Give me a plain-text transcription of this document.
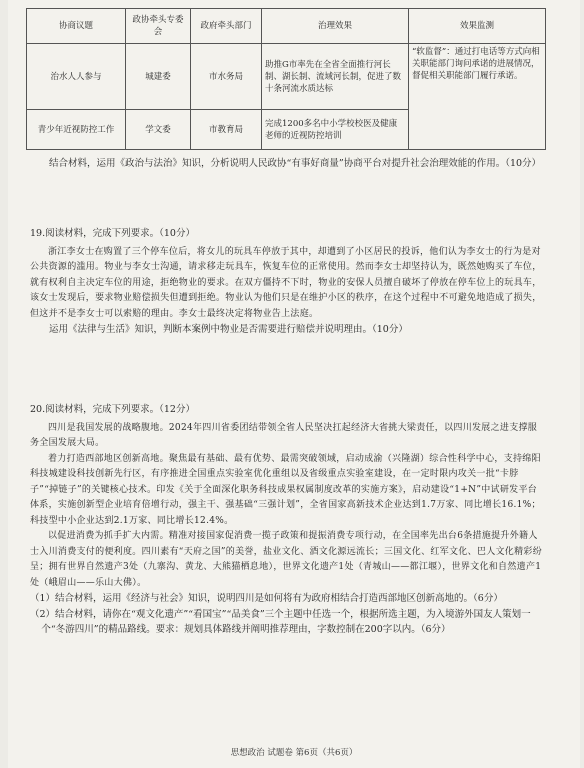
协商议题	政协牵头专委会	政府牵头部门	治理效果	效果监测
治水人人参与	城建委	市水务局	助推G市率先在全省全面推行河长制、湖长制、流域河长制，促进了数十条河流水质达标	“软监督”：通过打电话等方式向相关职能部门询问承诺的进展情况，督促相关职能部门履行承诺。
青少年近视防控工作	学文委	市教育局	完成1200多名中小学校校医及健康老师的近视防控培训	

结合材料，运用《政治与法治》知识，分析说明人民政协“有事好商量”协商平台对提升社会治理效能的作用。（10分）

19.阅读材料，完成下列要求。（10分）

浙江李女士在购置了三个停车位后，将女儿的玩具车停放于其中，却遭到了小区居民的投诉，他们认为李女士的行为是对公共资源的滥用。物业与李女士沟通，请求移走玩具车，恢复车位的正常使用。然而李女士却坚持认为，既然她购买了车位，就有权利自主决定车位的用途，拒绝物业的要求。在双方僵持不下时，物业的安保人员擅自破坏了停放在停车位上的玩具车，该女士发现后，要求物业赔偿损失但遭到拒绝。物业认为他们只是在维护小区的秩序，在这个过程中不可避免地造成了损失，但这并不是李女士可以索赔的理由。李女士最终决定将物业告上法庭。

运用《法律与生活》知识，判断本案例中物业是否需要进行赔偿并说明理由。（10分）

20.阅读材料，完成下列要求。（12分）

四川是我国发展的战略腹地。2024年四川省委团结带领全省人民坚决扛起经济大省挑大梁责任，以四川发展之进支撑服务全国发展大局。

着力打造西部地区创新高地。聚焦最有基础、最有优势、最需突破领域，启动成渝（兴隆湖）综合性科学中心，支持绵阳科技城建设科技创新先行区，有序推进全国重点实验室优化重组以及省级重点实验室建设，在一定时限内攻关一批“卡脖子”“掉链子”的关键核心技术。印发《关于全面深化职务科技成果权属制度改革的实施方案》，启动建设“1+N”中试研发平台体系，实施创新型企业培育倍增行动，强主干、强基础“三强计划”，全省国家高新技术企业达到1.7万家、同比增长16.1%；科技型中小企业达到2.1万家、同比增长12.4%。

以促进消费为抓手扩大内需。精准对接国家促消费一揽子政策和提振消费专项行动，在全国率先出台6条措施提升外籍人士入川消费支付的便利度。四川素有“天府之国”的美誉，盐业文化、酒文化源远流长；三国文化、红军文化、巴人文化精彩纷呈；拥有世界自然遗产3处（九寨沟、黄龙、大熊猫栖息地），世界文化遗产1处（青城山——都江堰），世界文化和自然遗产1处（峨眉山——乐山大佛）。

（1）结合材料，运用《经济与社会》知识，说明四川是如何将有为政府相结合打造西部地区创新高地的。（6分）

（2）结合材料，请你在“观文化遗产”“看国宝”“品美食”三个主题中任选一个，根据所选主题，为入境游外国友人策划一个“冬游四川”的精品路线。要求：规划具体路线并阐明推荐理由，字数控制在200字以内。（6分）

思想政治 试题卷 第6页（共6页）
